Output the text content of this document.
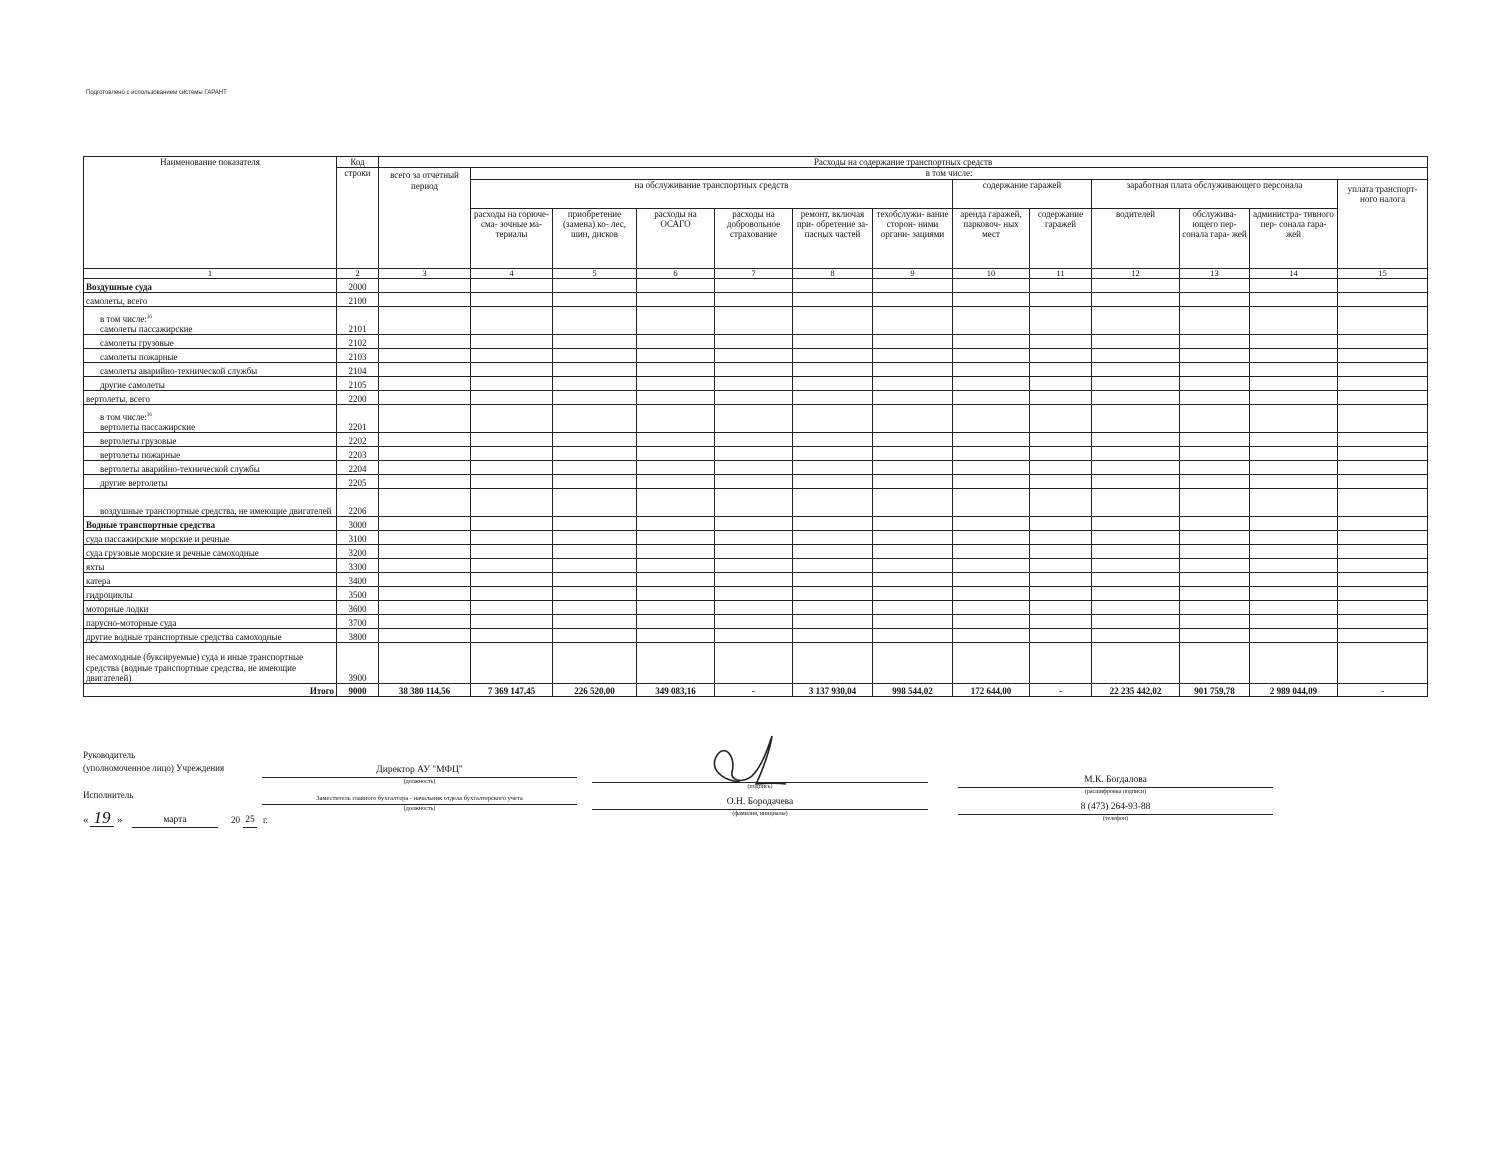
Подготовлено с использованием системы ГАРАНТ
Наименование показателя	Код	Расходы на содержание транспортных средств												
	строки	всего за отчетный период	в том числе:											
			на обслуживание транспортных средств						содержание гаражей		заработная плата обслуживающего персонала			уплата транспорт- ного налога

			расходы на горюче-сма- зочные ма- териалы	приобретение (замена) ко- лес, шин, дисков	расходы на ОСАГО	расходы на добровольное страхование	ремонт, включая при- обретение за- пасных частей	техобслужи- вание сторон- ними органи- зациями	аренда гаражей, парковоч- ных мест	содержание гаражей	водителей	обслужива- ющего пер- сонала гара- жей	администра- тивного пер- сонала гара- жей	
1	2	3	4	5	6	7	8	9	10	11	12	13	14	15
Воздушные суда	2000													
самолеты, всего	2100													

в том числе:$^{36}$
самолеты пассажирские	2101													
самолеты грузовые	2102													
самолеты пожарные	2103													
самолеты аварийно-технической службы	2104													
другие самолеты	2105													
вертолеты, всего	2200													

в том числе:$^{36}$
вертолеты пассажирские	2201													
вертолеты грузовые	2202													
вертолеты пожарные	2203													
вертолеты аварийно-технической службы	2204													
другие вертолеты	2205													
воздушные транспортные средства, не имеющие двигателей	2206													
Водные транспортные средства	3000													
суда пассажирские морские и речные	3100													
суда грузовые морские и речные самоходные	3200													
яхты	3300													
катера	3400													
гидроциклы	3500													
моторные лодки	3600													
парусно-моторные суда	3700													
другие водные транспортные средства самоходные	3800													
несамоходные (буксируемые) суда и иные транспортные средства (водные транспортные средства, не имеющие двигателей)	3900													
Итого	9000	38 380 114,56	7 369 147,45	226 520,00	349 083,16	-	3 137 930,04	998 544,02	172 644,00	-	22 235 442,02	901 759,78	2 989 044,09	-
Руководитель
(уполномоченное лицо) Учреждения	Директор АУ "МФЦ"
(должность)
(подпись)
М.К. Богдалова
(расшифровка подписи)
Исполнитель	Заместитель главного бухгалтера - начальник отдела бухгалтерского учета
(должность)
О.Н. Бородачева
(фамилия, инициалы)
8 (473) 264-93-88
(телефон)
« 19 »	марта	20 25 г.
